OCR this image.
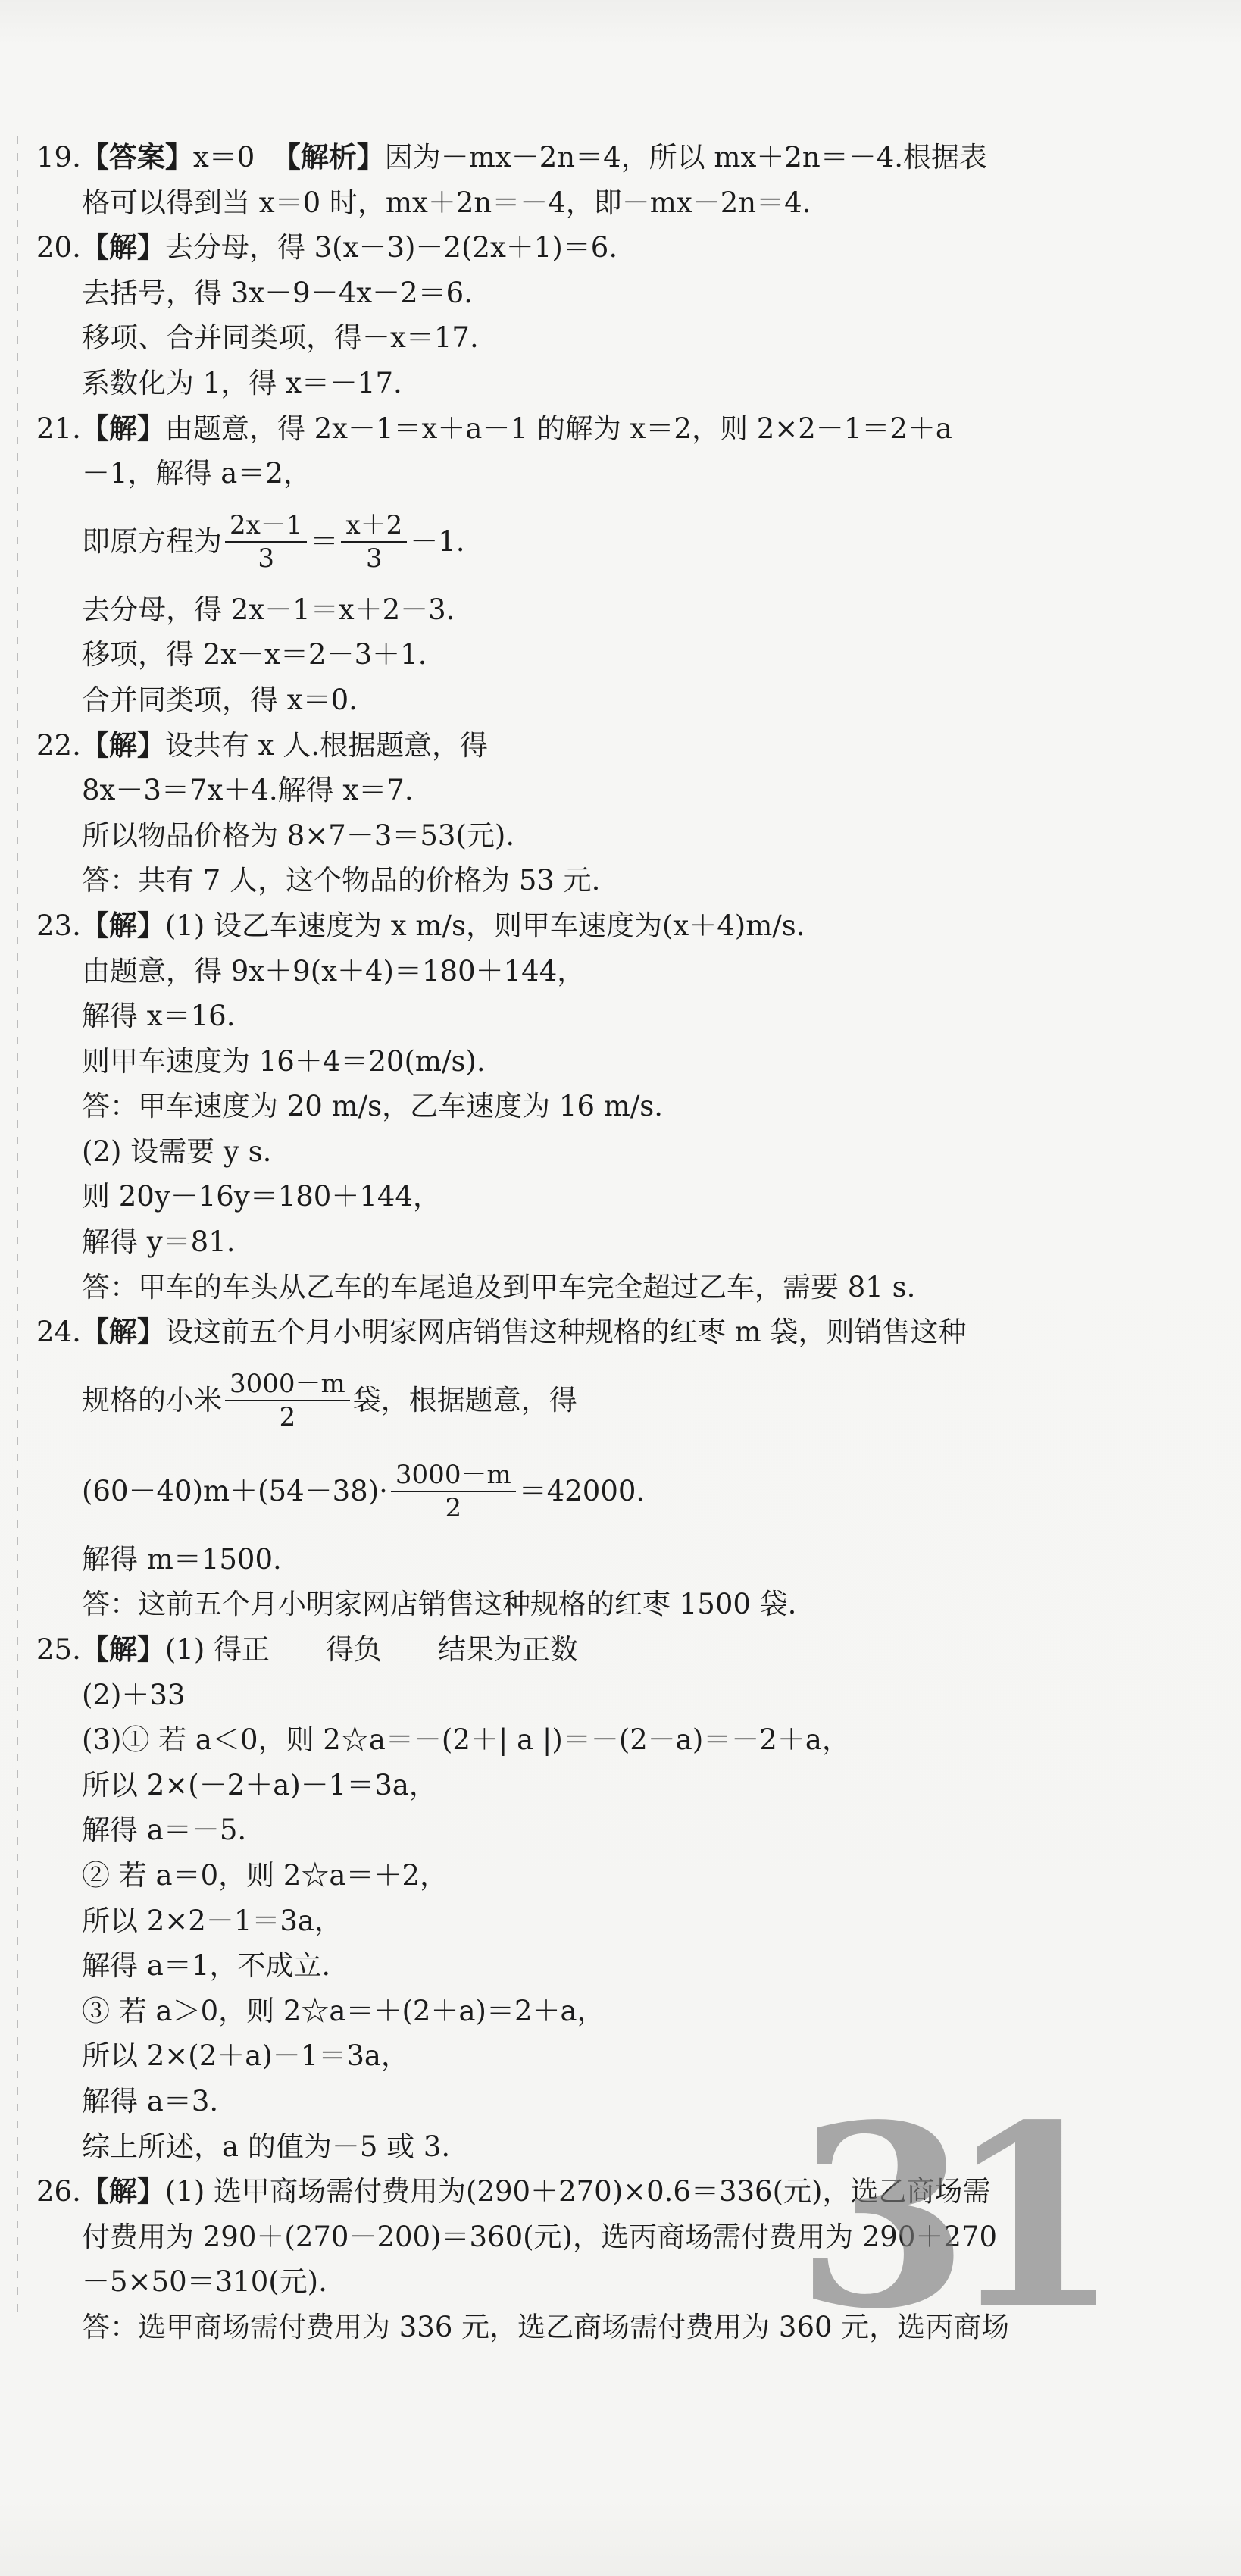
19.【答案】x＝0 【解析】因为－mx－2n＝4，所以 mx＋2n＝－4.根据表
格可以得到当 x＝0 时，mx＋2n＝－4，即－mx－2n＝4.
20.【解】去分母，得 3(x－3)－2(2x＋1)＝6.
去括号，得 3x－9－4x－2＝6.
移项、合并同类项，得－x＝17.
系数化为 1，得 x＝－17.
21.【解】由题意，得 2x－1＝x＋a－1 的解为 x＝2，则 2×2－1＝2＋a
－1，解得 a＝2，
即原方程为 $\frac{2x-1}{3} = \frac{x+2}{3} -1$.
去分母，得 2x－1＝x＋2－3.
移项，得 2x－x＝2－3＋1.
合并同类项，得 x＝0.
22.【解】设共有 x 人.根据题意，得
8x－3＝7x＋4.解得 x＝7.
所以物品价格为 8×7－3＝53(元).
答：共有 7 人，这个物品的价格为 53 元.
23.【解】(1) 设乙车速度为 x m/s，则甲车速度为(x＋4)m/s.
由题意，得 9x＋9(x＋4)＝180＋144，
解得 x＝16.
则甲车速度为 16＋4＝20(m/s).
答：甲车速度为 20 m/s，乙车速度为 16 m/s.
(2) 设需要 y s.
则 20y－16y＝180＋144，
解得 y＝81.
答：甲车的车头从乙车的车尾追及到甲车完全超过乙车，需要 81 s.
24.【解】设这前五个月小明家网店销售这种规格的红枣 m 袋，则销售这种
规格的小米 $\frac{3000-m}{2}$ 袋，根据题意，得
$(60-40)m+(54-38)\cdot \frac{3000-m}{2} =42000$.
解得 m＝1500.
答：这前五个月小明家网店销售这种规格的红枣 1500 袋.
25.【解】(1) 得正　　得负　　结果为正数
(2)＋33
(3)① 若 a＜0，则 2☆a＝－(2＋| a |)＝－(2－a)＝－2＋a，
所以 2×(－2＋a)－1＝3a，
解得 a＝－5.
② 若 a＝0，则 2☆a＝＋2，
所以 2×2－1＝3a，
解得 a＝1，不成立.
③ 若 a＞0，则 2☆a＝＋(2＋a)＝2＋a，
所以 2×(2＋a)－1＝3a，
解得 a＝3.
综上所述，a 的值为－5 或 3.
26.【解】(1) 选甲商场需付费用为(290＋270)×0.6＝336(元)，选乙商场需
付费用为 290＋(270－200)＝360(元)，选丙商场需付费用为 290＋270
－5×50＝310(元).
答：选甲商场需付费用为 336 元，选乙商场需付费用为 360 元，选丙商场
31
